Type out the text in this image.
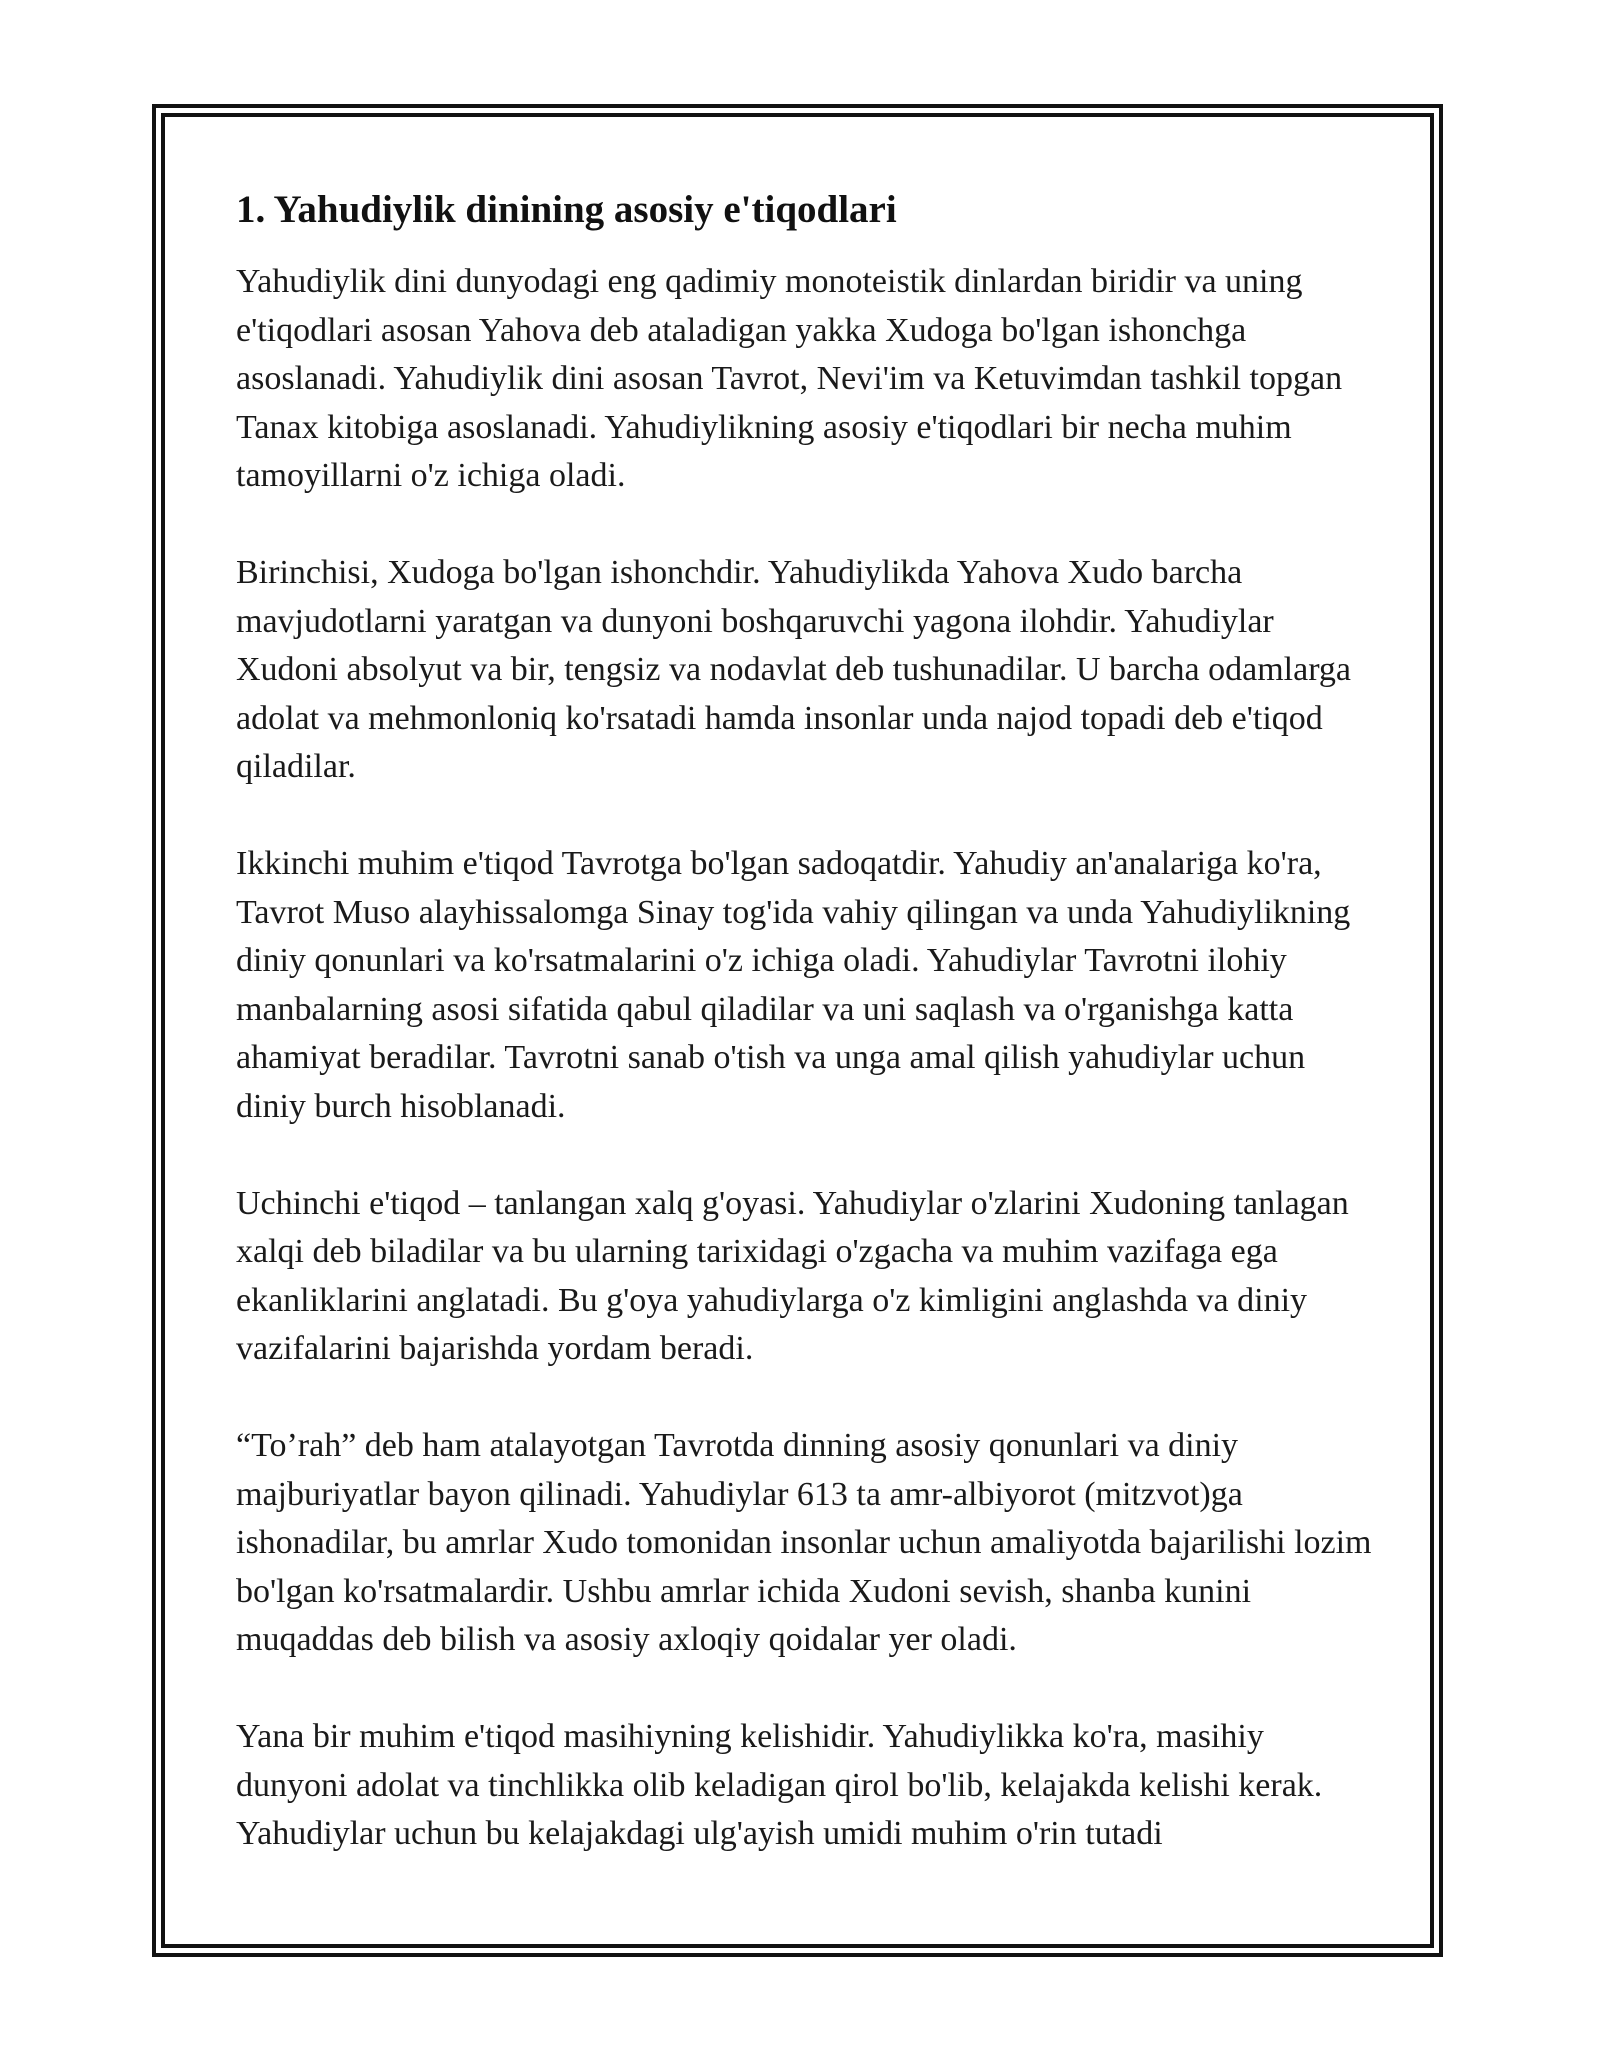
1. Yahudiylik dinining asosiy e'tiqodlari

Yahudiylik dini dunyodagi eng qadimiy monoteistik dinlardan biridir va uning e'tiqodlari asosan Yahova deb ataladigan yakka Xudoga bo'lgan ishonchga asoslanadi. Yahudiylik dini asosan Tavrot, Nevi'im va Ketuvimdan tashkil topgan Tanax kitobiga asoslanadi. Yahudiylikning asosiy e'tiqodlari bir necha muhim tamoyillarni o'z ichiga oladi.

Birinchisi, Xudoga bo'lgan ishonchdir. Yahudiylikda Yahova Xudo barcha mavjudotlarni yaratgan va dunyoni boshqaruvchi yagona ilohdir. Yahudiylar Xudoni absolyut va bir, tengsiz va nodavlat deb tushunadilar. U barcha odamlarga adolat va mehmonloniq ko'rsatadi hamda insonlar unda najod topadi deb e'tiqod qiladilar.

Ikkinchi muhim e'tiqod Tavrotga bo'lgan sadoqatdir. Yahudiy an'analariga ko'ra, Tavrot Muso alayhissalomga Sinay tog'ida vahiy qilingan va unda Yahudiylikning diniy qonunlari va ko'rsatmalarini o'z ichiga oladi. Yahudiylar Tavrotni ilohiy manbalarning asosi sifatida qabul qiladilar va uni saqlash va o'rganishga katta ahamiyat beradilar. Tavrotni sanab o'tish va unga amal qilish yahudiylar uchun diniy burch hisoblanadi.

Uchinchi e'tiqod – tanlangan xalq g'oyasi. Yahudiylar o'zlarini Xudoning tanlagan xalqi deb biladilar va bu ularning tarixidagi o'zgacha va muhim vazifaga ega ekanliklarini anglatadi. Bu g'oya yahudiylarga o'z kimligini anglashda va diniy vazifalarini bajarishda yordam beradi.

“To’rah” deb ham atalayotgan Tavrotda dinning asosiy qonunlari va diniy majburiyatlar bayon qilinadi. Yahudiylar 613 ta amr-albiyorot (mitzvot)ga ishonadilar, bu amrlar Xudo tomonidan insonlar uchun amaliyotda bajarilishi lozim bo'lgan ko'rsatmalardir. Ushbu amrlar ichida Xudoni sevish, shanba kunini muqaddas deb bilish va asosiy axloqiy qoidalar yer oladi.

Yana bir muhim e'tiqod masihiyning kelishidir. Yahudiylikka ko'ra, masihiy dunyoni adolat va tinchlikka olib keladigan qirol bo'lib, kelajakda kelishi kerak. Yahudiylar uchun bu kelajakdagi ulg'ayish umidi muhim o'rin tutadi
